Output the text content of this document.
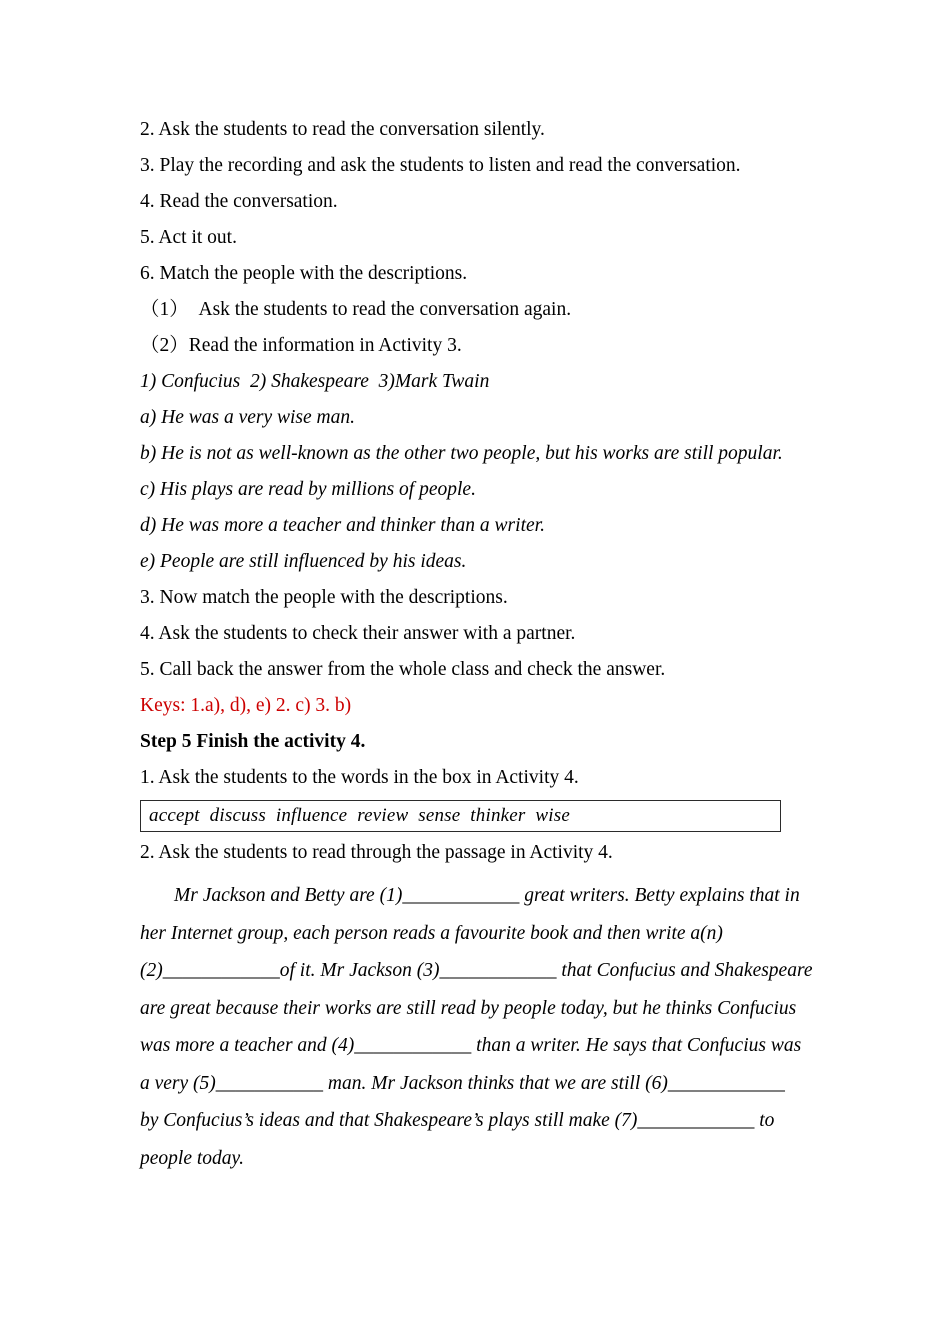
2. Ask the students to read the conversation silently.

3. Play the recording and ask the students to listen and read the conversation.

4. Read the conversation.

5. Act it out.

6. Match the people with the descriptions.

（1）  Ask the students to read the conversation again.

（2）Read the information in Activity 3.

1) Confucius  2) Shakespeare  3)Mark Twain

a) He was a very wise man.

b) He is not as well-known as the other two people, but his works are still popular.

c) His plays are read by millions of people.

d) He was more a teacher and thinker than a writer.

e) People are still influenced by his ideas.

3. Now match the people with the descriptions.

4. Ask the students to check their answer with a partner.

5. Call back the answer from the whole class and check the answer.

Keys: 1.a), d), e) 2. c) 3. b)

Step 5 Finish the activity 4.

1. Ask the students to the words in the box in Activity 4.

accept  discuss  influence  review  sense  thinker  wise

2. Ask the students to read through the passage in Activity 4.

Mr Jackson and Betty are (1)____________ great writers. Betty explains that in

her Internet group, each person reads a favourite book and then write a(n)

(2)____________of it. Mr Jackson (3)____________ that Confucius and Shakespeare

are great because their works are still read by people today, but he thinks Confucius

was more a teacher and (4)____________ than a writer. He says that Confucius was

a very (5)___________ man. Mr Jackson thinks that we are still (6)____________

by Confucius’s ideas and that Shakespeare’s plays still make (7)____________ to

people today.
